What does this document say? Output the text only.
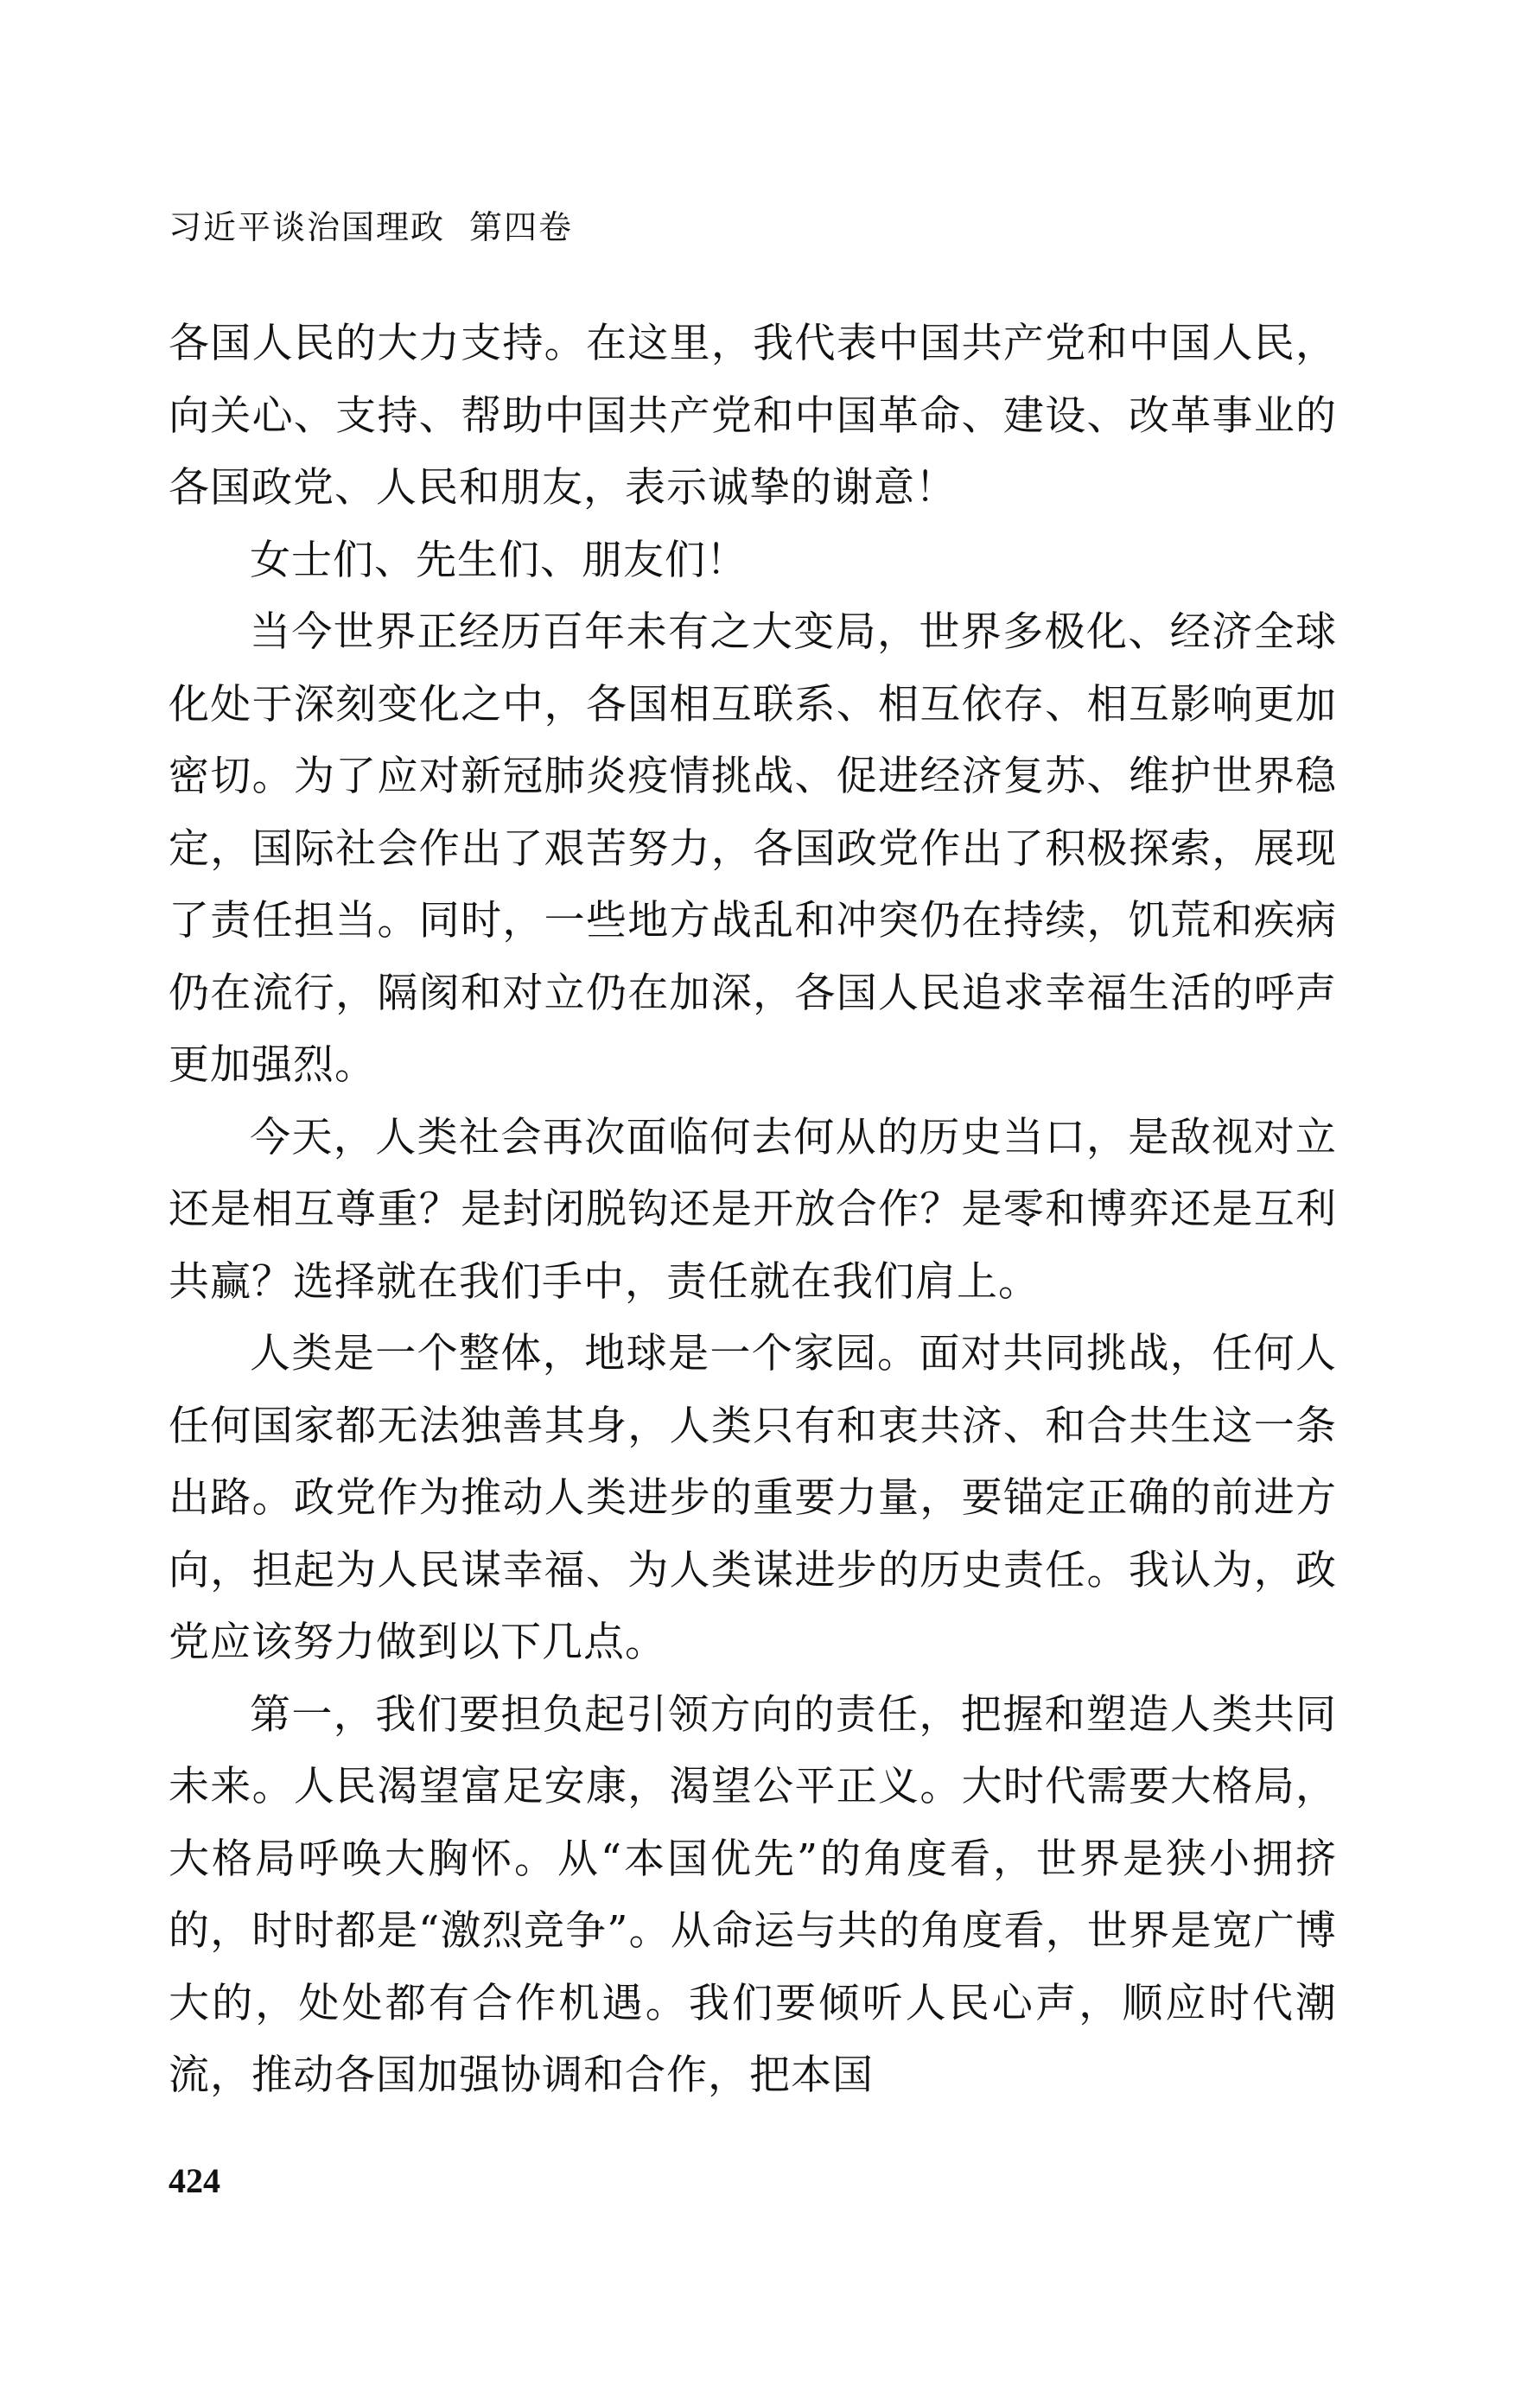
习近平谈治国理政 第四卷

各国人民的大力支持。在这里，我代表中国共产党和中国人民，向关心、支持、帮助中国共产党和中国革命、建设、改革事业的各国政党、人民和朋友，表示诚挚的谢意！

女士们、先生们、朋友们！

当今世界正经历百年未有之大变局，世界多极化、经济全球化处于深刻变化之中，各国相互联系、相互依存、相互影响更加密切。为了应对新冠肺炎疫情挑战、促进经济复苏、维护世界稳定，国际社会作出了艰苦努力，各国政党作出了积极探索，展现了责任担当。同时，一些地方战乱和冲突仍在持续，饥荒和疾病仍在流行，隔阂和对立仍在加深，各国人民追求幸福生活的呼声更加强烈。

今天，人类社会再次面临何去何从的历史当口，是敌视对立还是相互尊重？是封闭脱钩还是开放合作？是零和博弈还是互利共赢？选择就在我们手中，责任就在我们肩上。

人类是一个整体，地球是一个家园。面对共同挑战，任何人任何国家都无法独善其身，人类只有和衷共济、和合共生这一条出路。政党作为推动人类进步的重要力量，要锚定正确的前进方向，担起为人民谋幸福、为人类谋进步的历史责任。我认为，政党应该努力做到以下几点。

第一，我们要担负起引领方向的责任，把握和塑造人类共同未来。人民渴望富足安康，渴望公平正义。大时代需要大格局，大格局呼唤大胸怀。从“本国优先”的角度看，世界是狭小拥挤的，时时都是“激烈竞争”。从命运与共的角度看，世界是宽广博大的，处处都有合作机遇。我们要倾听人民心声，顺应时代潮流，推动各国加强协调和合作，把本国

424
